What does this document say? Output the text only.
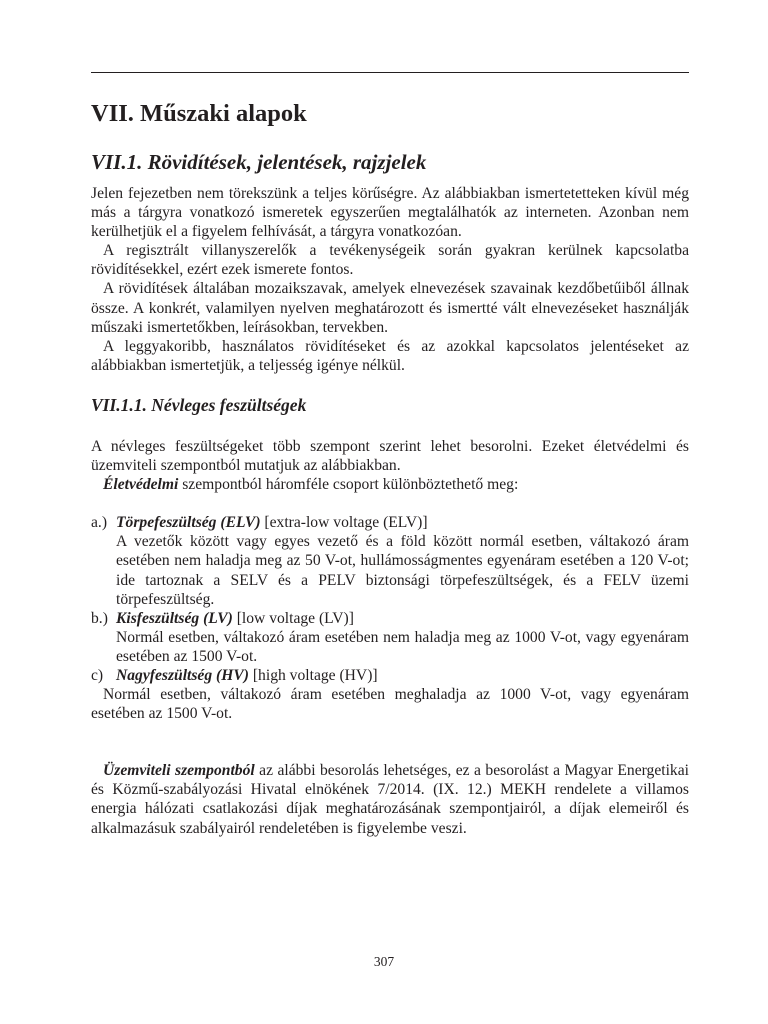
VII. Műszaki alapok
VII.1. Rövidítések, jelentések, rajzjelek

Jelen fejezetben nem törekszünk a teljes körűségre. Az alábbiakban ismertetetteken kívül még más a tárgyra vonatkozó ismeretek egyszerűen megtalálhatók az interneten. Azonban nem kerülhetjük el a figyelem felhívását, a tárgyra vonatkozóan.

A regisztrált villanyszerelők a tevékenységeik során gyakran kerülnek kapcsolatba rövidítésekkel, ezért ezek ismerete fontos.

A rövidítések általában mozaikszavak, amelyek elnevezések szavainak kezdőbetűiből állnak össze. A konkrét, valamilyen nyelven meghatározott és ismertté vált elnevezéseket használják műszaki ismertetőkben, leírásokban, tervekben.

A leggyakoribb, használatos rövidítéseket és az azokkal kapcsolatos jelentéseket az alábbiakban ismertetjük, a teljesség igénye nélkül.

VII.1.1. Névleges feszültségek

A névleges feszültségeket több szempont szerint lehet besorolni. Ezeket életvédelmi és üzemviteli szempontból mutatjuk az alábbiakban.

Életvédelmi szempontból háromféle csoport különböztethető meg:

a.) Törpefeszültség (ELV) [extra-low voltage (ELV)]

A vezetők között vagy egyes vezető és a föld között normál esetben, váltakozó áram esetében nem haladja meg az 50 V-ot, hullámosságmentes egyenáram esetében a 120 V-ot; ide tartoznak a SELV és a PELV biztonsági törpefeszültségek, és a FELV üzemi törpefeszültség.

b.) Kisfeszültség (LV) [low voltage (LV)]

Normál esetben, váltakozó áram esetében nem haladja meg az 1000 V-ot, vagy egyenáram esetében az 1500 V-ot.

c) Nagyfeszültség (HV) [high voltage (HV)]

Normál esetben, váltakozó áram esetében meghaladja az 1000 V-ot, vagy egyenáram esetében az 1500 V-ot.

Üzemviteli szempontból az alábbi besorolás lehetséges, ez a besorolást a Magyar Energetikai és Közmű-szabályozási Hivatal elnökének 7/2014. (IX. 12.) MEKH rendelete a villamos energia hálózati csatlakozási díjak meghatározásának szempontjairól, a díjak elemeiről és alkalmazásuk szabályairól rendeletében is figyelembe veszi.

307
